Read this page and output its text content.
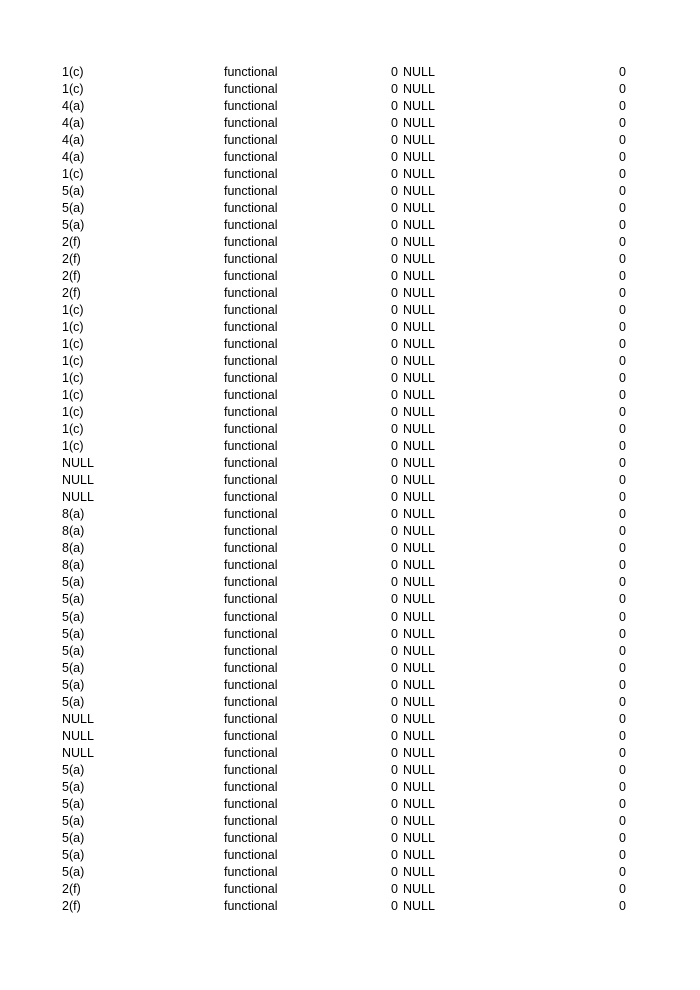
1(c)	functional	0 NULL	0
1(c)	functional	0 NULL	0
4(a)	functional	0 NULL	0
4(a)	functional	0 NULL	0
4(a)	functional	0 NULL	0
4(a)	functional	0 NULL	0
1(c)	functional	0 NULL	0
5(a)	functional	0 NULL	0
5(a)	functional	0 NULL	0
5(a)	functional	0 NULL	0
2(f)	functional	0 NULL	0
2(f)	functional	0 NULL	0
2(f)	functional	0 NULL	0
2(f)	functional	0 NULL	0
1(c)	functional	0 NULL	0
1(c)	functional	0 NULL	0
1(c)	functional	0 NULL	0
1(c)	functional	0 NULL	0
1(c)	functional	0 NULL	0
1(c)	functional	0 NULL	0
1(c)	functional	0 NULL	0
1(c)	functional	0 NULL	0
1(c)	functional	0 NULL	0
NULL	functional	0 NULL	0
NULL	functional	0 NULL	0
NULL	functional	0 NULL	0
8(a)	functional	0 NULL	0
8(a)	functional	0 NULL	0
8(a)	functional	0 NULL	0
8(a)	functional	0 NULL	0
5(a)	functional	0 NULL	0
5(a)	functional	0 NULL	0
5(a)	functional	0 NULL	0
5(a)	functional	0 NULL	0
5(a)	functional	0 NULL	0
5(a)	functional	0 NULL	0
5(a)	functional	0 NULL	0
5(a)	functional	0 NULL	0
NULL	functional	0 NULL	0
NULL	functional	0 NULL	0
NULL	functional	0 NULL	0
5(a)	functional	0 NULL	0
5(a)	functional	0 NULL	0
5(a)	functional	0 NULL	0
5(a)	functional	0 NULL	0
5(a)	functional	0 NULL	0
5(a)	functional	0 NULL	0
5(a)	functional	0 NULL	0
2(f)	functional	0 NULL	0
2(f)	functional	0 NULL	0
